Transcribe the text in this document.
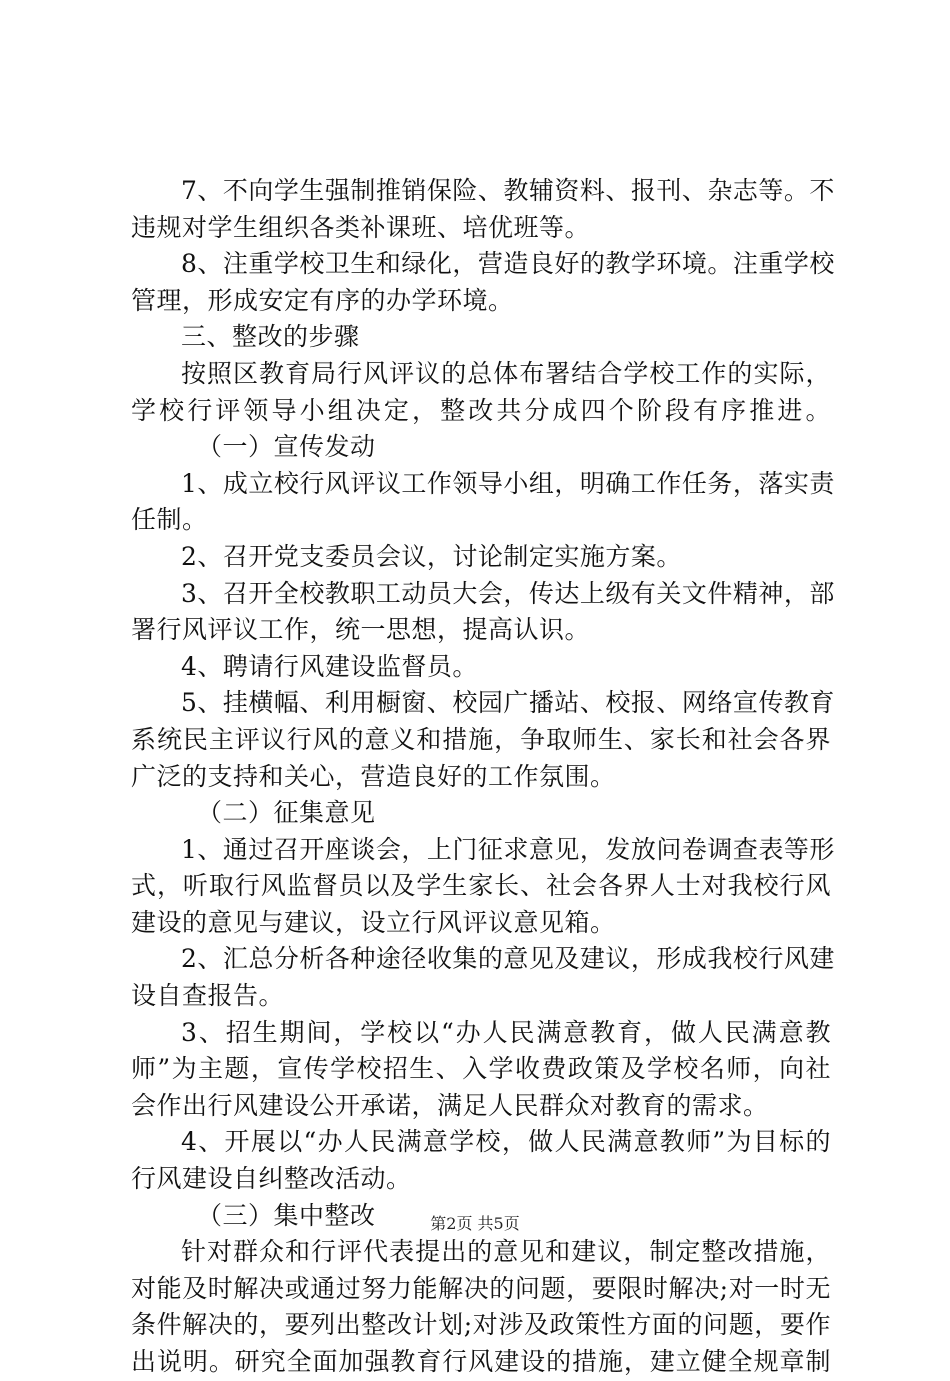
7、不向学生强制推销保险、教辅资料、报刊、杂志等。不
违规对学生组织各类补课班、培优班等。
8、注重学校卫生和绿化，营造良好的教学环境。注重学校
管理，形成安定有序的办学环境。
三、整改的步骤
按照区教育局行风评议的总体布署结合学校工作的实际，
学校行评领导小组决定，整改共分成四个阶段有序推进。
（一）宣传发动
1、成立校行风评议工作领导小组，明确工作任务，落实责
任制。
2、召开党支委员会议，讨论制定实施方案。
3、召开全校教职工动员大会，传达上级有关文件精神，部
署行风评议工作，统一思想，提高认识。
4、聘请行风建设监督员。
5、挂横幅、利用橱窗、校园广播站、校报、网络宣传教育
系统民主评议行风的意义和措施，争取师生、家长和社会各界
广泛的支持和关心，营造良好的工作氛围。
（二）征集意见
1、通过召开座谈会，上门征求意见，发放问卷调查表等形
式，听取行风监督员以及学生家长、社会各界人士对我校行风
建设的意见与建议，设立行风评议意见箱。
2、汇总分析各种途径收集的意见及建议，形成我校行风建
设自查报告。
3、招生期间，学校以“办人民满意教育，做人民满意教
师”为主题，宣传学校招生、入学收费政策及学校名师，向社
会作出行风建设公开承诺，满足人民群众对教育的需求。
4、开展以“办人民满意学校，做人民满意教师”为目标的
行风建设自纠整改活动。
（三）集中整改
针对群众和行评代表提出的意见和建议，制定整改措施，
对能及时解决或通过努力能解决的问题，要限时解决;对一时无
条件解决的，要列出整改计划;对涉及政策性方面的问题，要作
出说明。研究全面加强教育行风建设的措施，建立健全规章制
第2页 共5页
